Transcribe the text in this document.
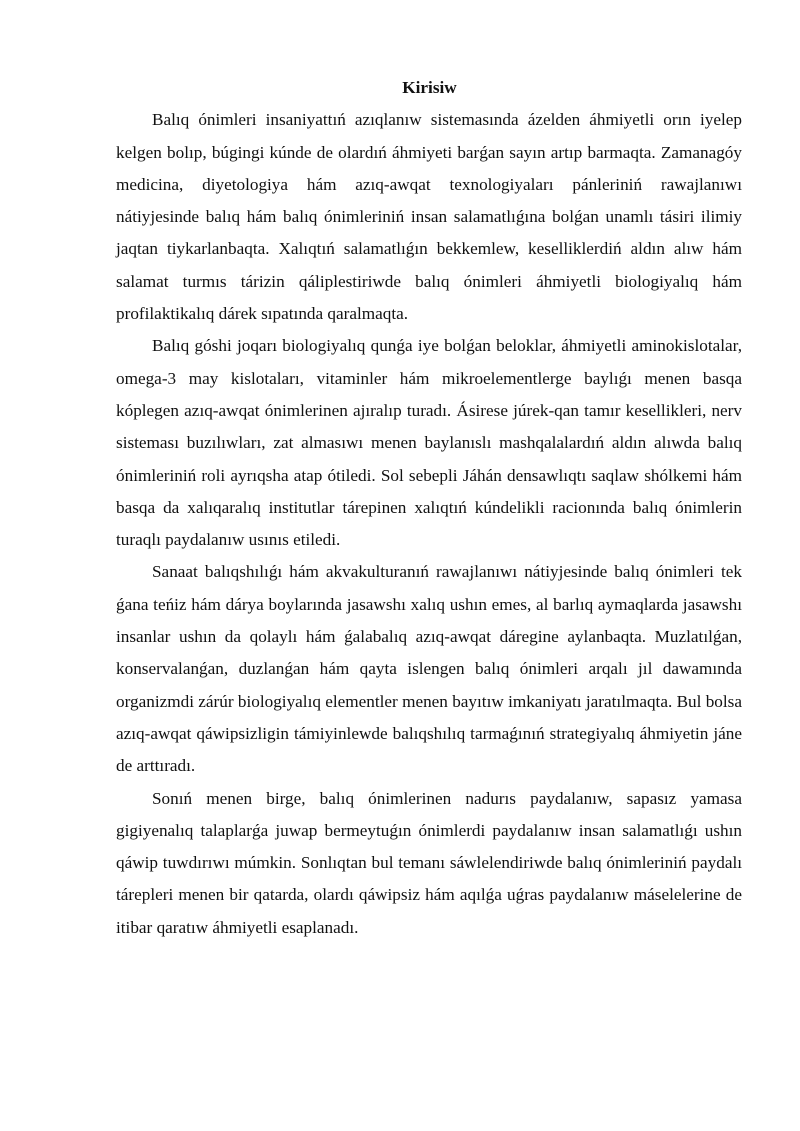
Kirisiw

Balıq ónimleri insaniyattıń azıqlanıw sistemasında ázelden áhmiyetli orın iyelep kelgen bolıp, búgingi kúnde de olardıń áhmiyeti barǵan sayın artıp barmaqta. Zamanagóy medicina, diyetologiya hám azıq-awqat texnologiyaları pánleriniń rawajlanıwı nátiyjesinde balıq hám balıq ónimleriniń insan salamatlıǵına bolǵan unamlı tásiri ilimiy jaqtan tiykarlanbaqta. Xalıqtıń salamatlıǵın bekkemlew, keselliklerdiń aldın alıw hám salamat turmıs tárizin qáliplestiriwde balıq ónimleri áhmiyetli biologiyalıq hám profilaktikalıq dárek sıpatında qaralmaqta.

Balıq góshi joqarı biologiyalıq qunǵa iye bolǵan beloklar, áhmiyetli aminokislotalar, omega-3 may kislotaları, vitaminler hám mikroelementlerge baylıǵı menen basqa kóplegen azıq-awqat ónimlerinen ajıralıp turadı. Ásirese júrek-qan tamır kesellikleri, nerv sisteması buzılıwları, zat almasıwı menen baylanıslı mashqalalardıń aldın alıwda balıq ónimleriniń roli ayrıqsha atap ótiledi. Sol sebepli Jáhán densawlıqtı saqlaw shólkemi hám basqa da xalıqaralıq institutlar tárepinen xalıqtıń kúndelikli racionında balıq ónimlerin turaqlı paydalanıw usınıs etiledi.

Sanaat balıqshılıǵı hám akvakulturanıń rawajlanıwı nátiyjesinde balıq ónimleri tek ǵana teńiz hám dárya boylarında jasawshı xalıq ushın emes, al barlıq aymaqlarda jasawshı insanlar ushın da qolaylı hám ǵalabalıq azıq-awqat dáregine aylanbaqta. Muzlatılǵan, konservalanǵan, duzlanǵan hám qayta islengen balıq ónimleri arqalı jıl dawamında organizmdi zárúr biologiyalıq elementler menen bayıtıw imkaniyatı jaratılmaqta. Bul bolsa azıq-awqat qáwipsizligin támiyinlewde balıqshılıq tarmaǵınıń strategiyalıq áhmiyetin jáne de arttıradı.

Sonıń menen birge, balıq ónimlerinen nadurıs paydalanıw, sapasız yamasa gigiyenalıq talaplarǵa juwap bermeytuǵın ónimlerdi paydalanıw insan salamatlıǵı ushın qáwip tuwdırıwı múmkin. Sonlıqtan bul temanı sáwlelendiriwde balıq ónimleriniń paydalı tárepleri menen bir qatarda, olardı qáwipsiz hám aqılǵa uǵras paydalanıw máselelerine de itibar qaratıw áhmiyetli esaplanadı.
